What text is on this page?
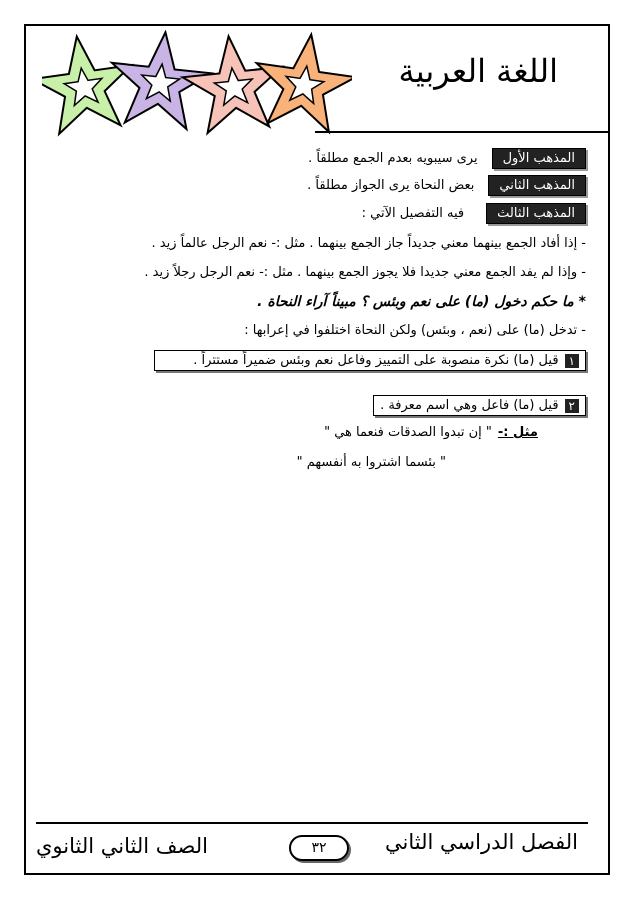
اللغة العربية
المذهب الأول
يرى سيبويه بعدم الجمع مطلقاً .
المذهب الثاني
بعض النحاة يرى الجواز مطلقاً .
المذهب الثالث
فيه التفصيل الآتي :
- إذا أفاد الجمع بينهما معني جديداً جاز الجمع بينهما . مثل :- نعم الرجل عالماً زيد .
- وإذا لم يفد الجمع معني جديدا فلا يجوز الجمع بينهما . مثل :- نعم الرجل رجلاً زيد .
* ما حكم دخول (ما) على نعم وبئس ؟ مبيناً آراء النحاة .
- تدخل (ما) على (نعم ، وبئس) ولكن النحاة اختلفوا في إعرابها :
١
قيل (ما) نكرة منصوبة على التمييز وفاعل نعم وبئس ضميراً مستتراً .
٢
قيل (ما) فاعل وهي اسم معرفة .
مثل :-
" إن تبدوا الصدقات فنعما هي "
" بئسما اشتروا به أنفسهم "
الفصل الدراسي الثاني
٣٢
الصف الثاني الثانوي
